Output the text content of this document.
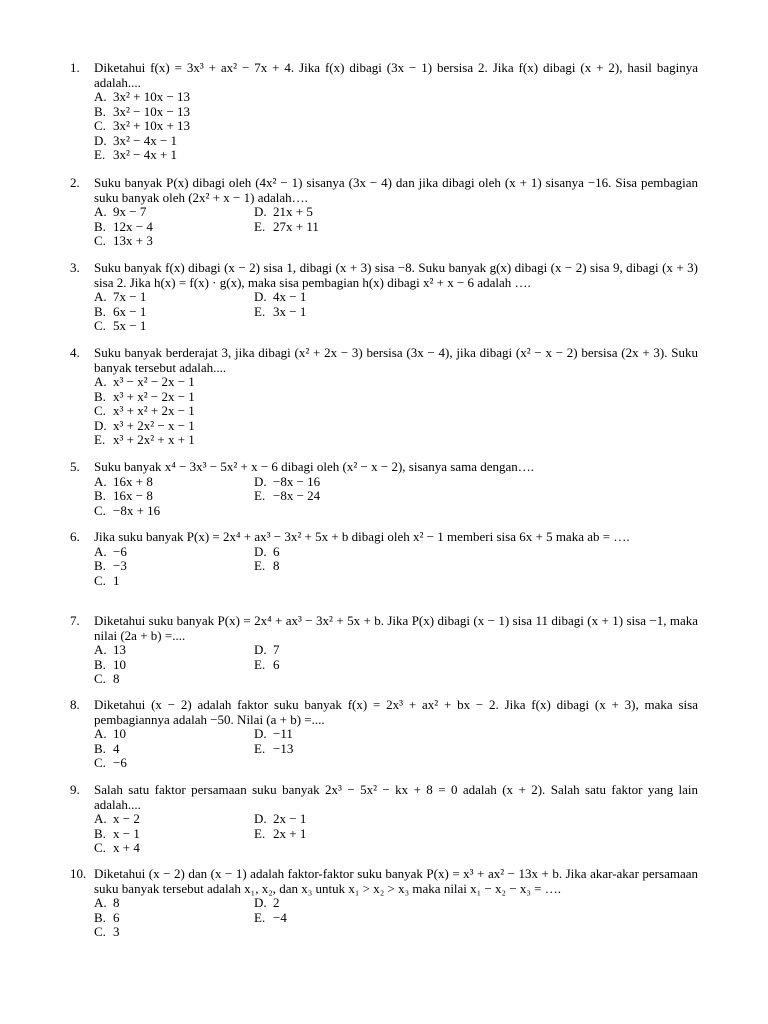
1.	Diketahui f(x) = 3x³ + ax² − 7x + 4. Jika f(x) dibagi (3x − 1) bersisa 2. Jika f(x) dibagi (x + 2), hasil baginya adalah....
A. 3x² + 10x − 13
B. 3x² − 10x − 13
C. 3x² + 10x + 13
D. 3x² − 4x − 1
E. 3x² − 4x + 1
2.	Suku banyak P(x) dibagi oleh (4x² − 1) sisanya (3x − 4) dan jika dibagi oleh (x + 1) sisanya −16. Sisa pembagian suku banyak oleh (2x² + x − 1) adalah….
A. 9x − 7	D. 21x + 5
B. 12x − 4	E. 27x + 11
C. 13x + 3
3.	Suku banyak f(x) dibagi (x − 2) sisa 1, dibagi (x + 3) sisa −8. Suku banyak g(x) dibagi (x − 2) sisa 9, dibagi (x + 3) sisa 2. Jika h(x) = f(x) · g(x), maka sisa pembagian h(x) dibagi x² + x − 6 adalah ….
A. 7x − 1	D. 4x − 1
B. 6x − 1	E. 3x − 1
C. 5x − 1
4.	Suku banyak berderajat 3, jika dibagi (x² + 2x − 3) bersisa (3x − 4), jika dibagi (x² − x − 2) bersisa (2x + 3). Suku banyak tersebut adalah....
A. x³ − x² − 2x − 1
B. x³ + x² − 2x − 1
C. x³ + x² + 2x − 1
D. x³ + 2x² − x − 1
E. x³ + 2x² + x + 1
5.	Suku banyak x⁴ − 3x³ − 5x² + x − 6 dibagi oleh (x² − x − 2), sisanya sama dengan….
A. 16x + 8	D. −8x − 16
B. 16x − 8	E. −8x − 24
C. −8x + 16
6.	Jika suku banyak P(x) = 2x⁴ + ax³ − 3x² + 5x + b dibagi oleh x² − 1 memberi sisa 6x + 5 maka ab = ….
A. −6	D. 6
B. −3	E. 8
C. 1
7.	Diketahui suku banyak P(x) = 2x⁴ + ax³ − 3x² + 5x + b. Jika P(x) dibagi (x − 1) sisa 11 dibagi (x + 1) sisa −1, maka nilai (2a + b) =....
A. 13	D. 7
B. 10	E. 6
C. 8
8.	Diketahui (x − 2) adalah faktor suku banyak f(x) = 2x³ + ax² + bx − 2. Jika f(x) dibagi (x + 3), maka sisa pembagiannya adalah −50. Nilai (a + b) =....
A. 10	D. −11
B. 4	E. −13
C. −6
9.	Salah satu faktor persamaan suku banyak 2x³ − 5x² − kx + 8 = 0 adalah (x + 2). Salah satu faktor yang lain adalah....
A. x − 2	D. 2x − 1
B. x − 1	E. 2x + 1
C. x + 4
10. Diketahui (x − 2) dan (x − 1) adalah faktor-faktor suku banyak P(x) = x³ + ax² − 13x + b. Jika akar-akar persamaan suku banyak tersebut adalah x₁, x₂, dan x₃ untuk x₁ > x₂ > x₃ maka nilai x₁ − x₂ − x₃ = ….
A. 8	D. 2
B. 6	E. −4
C. 3
